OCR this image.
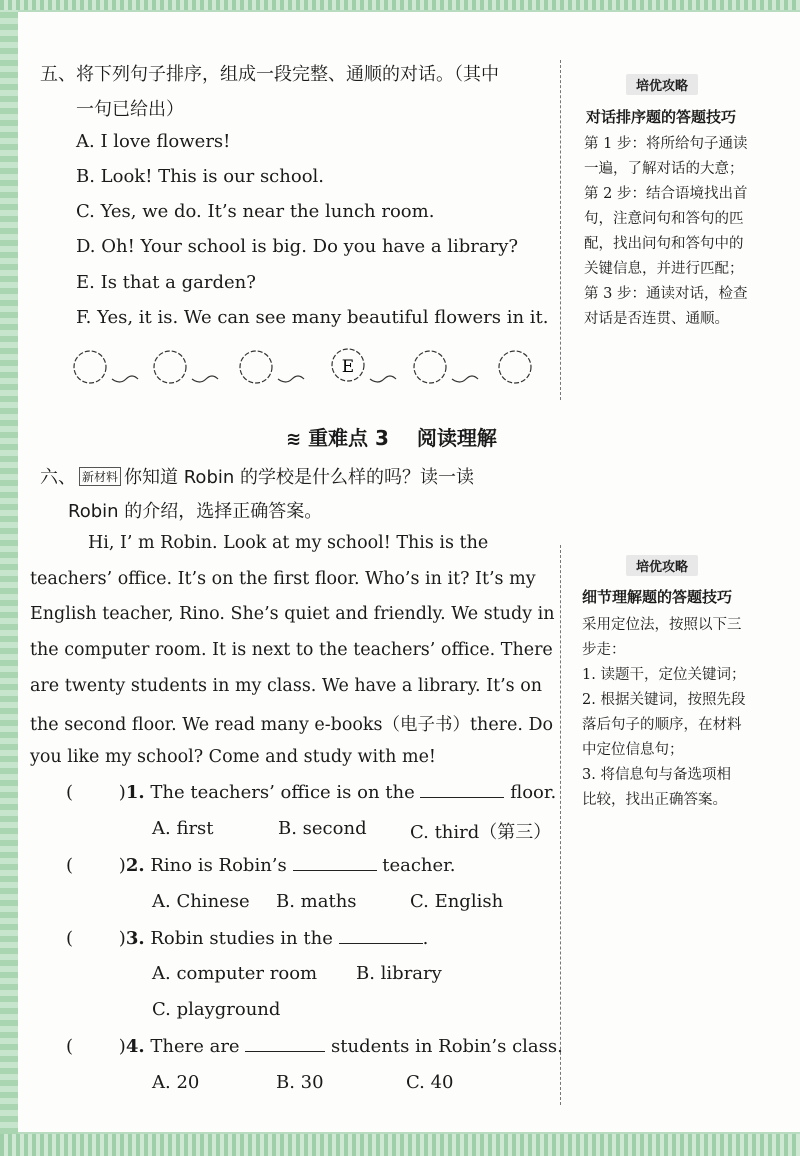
五、将下列句子排序，组成一段完整、通顺的对话。（其中
一句已给出）
A. I love flowers!
B. Look! This is our school.
C. Yes, we do. It’s near the lunch room.
D. Oh! Your school is big. Do you have a library?
E. Is that a garden?
F. Yes, it is. We can see many beautiful flowers in it.
E
培优攻略
对话排序题的答题技巧
第 1 步：将所给句子通读
一遍，了解对话的大意；
第 2 步：结合语境找出首
句，注意问句和答句的匹
配，找出问句和答句中的
关键信息，并进行匹配；
第 3 步：通读对话，检查
对话是否连贯、通顺。
≋ 重难点 3 阅读理解
六、 新材料 你知道 Robin 的学校是什么样的吗？读一读
Robin 的介绍，选择正确答案。
Hi, I’ m Robin. Look at my school! This is the
teachers’ office. It’s on the first floor. Who’s in it? It’s my
English teacher, Rino. She’s quiet and friendly. We study in
the computer room. It is next to the teachers’ office. There
are twenty students in my class. We have a library. It’s on
the second floor. We read many e-books（电子书）there. Do
you like my school? Come and study with me!
(        )1. The teachers’ office is on the	floor.
A. first	B. second C. third（第三）
(        )2. Rino is Robin’s	teacher.
A. Chinese B. maths	C. English
(        )3. Robin studies in the	.
A. computer room B. library
C. playground
(        )4. There are	students in Robin’s class.
A. 20	B. 30	C. 40
培优攻略
细节理解题的答题技巧
采用定位法，按照以下三
步走：
1. 读题干，定位关键词；
2. 根据关键词，按照先段
落后句子的顺序，在材料
中定位信息句；
3. 将信息句与备选项相
比较，找出正确答案。
